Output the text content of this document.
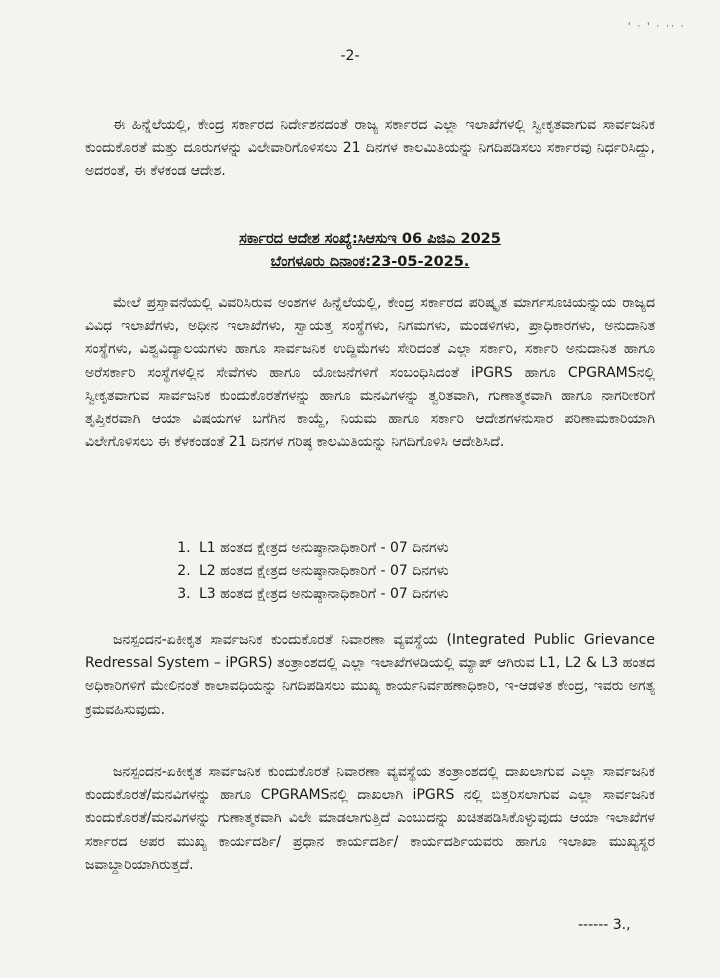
' · ' · ·· ·
-2-

ಈ ಹಿನ್ನೆಲೆಯಲ್ಲಿ, ಕೇಂದ್ರ ಸರ್ಕಾರದ ನಿರ್ದೇಶನದಂತೆ ರಾಜ್ಯ ಸರ್ಕಾರದ ಎಲ್ಲಾ ಇಲಾಖೆಗಳಲ್ಲಿ ಸ್ವೀಕೃತವಾಗುವ ಸಾರ್ವಜನಿಕ ಕುಂದುಕೊರತೆ ಮತ್ತು ದೂರುಗಳನ್ನು ವಿಲೇವಾರಿಗೊಳಿಸಲು 21 ದಿನಗಳ ಕಾಲಮಿತಿಯನ್ನು ನಿಗದಿಪಡಿಸಲು ಸರ್ಕಾರವು ನಿರ್ಧರಿಸಿದ್ದು, ಅದರಂತೆ, ಈ ಕೆಳಕಂಡ ಆದೇಶ.

ಸರ್ಕಾರದ ಆದೇಶ ಸಂಖ್ಯೆ:ಸಿಆಸುಇ 06 ಪಿಜಿಎ 2025
ಬೆಂಗಳೂರು ದಿನಾಂಕ:23-05-2025.

ಮೇಲೆ ಪ್ರಸ್ತಾವನೆಯಲ್ಲಿ ವಿವರಿಸಿರುವ ಅಂಶಗಳ ಹಿನ್ನೆಲೆಯಲ್ಲಿ, ಕೇಂದ್ರ ಸರ್ಕಾರದ ಪರಿಷ್ಕೃತ ಮಾರ್ಗಸೂಚಿಯನ್ನುಯ ರಾಜ್ಯದ ವಿವಿಧ ಇಲಾಖೆಗಳು, ಅಧೀನ ಇಲಾಖೆಗಳು, ಸ್ವಾಯತ್ತ ಸಂಸ್ಥೆಗಳು, ನಿಗಮಗಳು, ಮಂಡಳಿಗಳು, ಪ್ರಾಧಿಕಾರಗಳು, ಅನುದಾನಿತ ಸಂಸ್ಥೆಗಳು, ವಿಶ್ವವಿದ್ಯಾಲಯಗಳು ಹಾಗೂ ಸಾರ್ವಜನಿಕ ಉದ್ದಿಮೆಗಳು ಸೇರಿದಂತೆ ಎಲ್ಲಾ ಸರ್ಕಾರಿ, ಸರ್ಕಾರಿ ಅನುದಾನಿತ ಹಾಗೂ ಅರೆಸರ್ಕಾರಿ ಸಂಸ್ಥೆಗಳಲ್ಲಿನ ಸೇವೆಗಳು ಹಾಗೂ ಯೋಜನೆಗಳಿಗೆ ಸಂಬಂಧಿಸಿದಂತೆ iPGRS ಹಾಗೂ CPGRAMSನಲ್ಲಿ ಸ್ವೀಕೃತವಾಗುವ ಸಾರ್ವಜನಿಕ ಕುಂದುಕೊರತೆಗಳನ್ನು ಹಾಗೂ ಮನವಿಗಳನ್ನು ತ್ವರಿತವಾಗಿ, ಗುಣಾತ್ಮಕವಾಗಿ ಹಾಗೂ ನಾಗರೀಕರಿಗೆ ತೃಪ್ತಿಕರವಾಗಿ ಆಯಾ ವಿಷಯಗಳ ಬಗೆಗಿನ ಕಾಯ್ದೆ, ನಿಯಮ ಹಾಗೂ ಸರ್ಕಾರಿ ಆದೇಶಗಳನುಸಾರ ಪರಿಣಾಮಕಾರಿಯಾಗಿ ವಿಲೇಗೊಳಿಸಲು ಈ ಕೆಳಕಂಡಂತೆ 21 ದಿನಗಳ ಗರಿಷ್ಠ ಕಾಲಮಿತಿಯನ್ನು ನಿಗದಿಗೊಳಿಸಿ ಆದೇಶಿಸಿದೆ.

1. L1 ಹಂತದ ಕ್ಷೇತ್ರದ ಅನುಷ್ಠಾನಾಧಿಕಾರಿಗೆ - 07 ದಿನಗಳು
2. L2 ಹಂತದ ಕ್ಷೇತ್ರದ ಅನುಷ್ಠಾನಾಧಿಕಾರಿಗೆ - 07 ದಿನಗಳು
3. L3 ಹಂತದ ಕ್ಷೇತ್ರದ ಅನುಷ್ಠಾನಾಧಿಕಾರಿಗೆ - 07 ದಿನಗಳು

ಜನಸ್ಪಂದನ-ಏಕೀಕೃತ ಸಾರ್ವಜನಿಕ ಕುಂದುಕೊರತೆ ನಿವಾರಣಾ ವ್ಯವಸ್ಥೆಯ (Integrated Public Grievance Redressal System – iPGRS) ತಂತ್ರಾಂಶದಲ್ಲಿ ಎಲ್ಲಾ ಇಲಾಖೆಗಳಡಿಯಲ್ಲಿ ಮ್ಯಾಪ್ ಆಗಿರುವ L1, L2 & L3 ಹಂತದ ಅಧಿಕಾರಿಗಳಿಗೆ ಮೇಲಿನಂತೆ ಕಾಲಾವಧಿಯನ್ನು ನಿಗದಿಪಡಿಸಲು ಮುಖ್ಯ ಕಾರ್ಯನಿರ್ವಹಣಾಧಿಕಾರಿ, ಇ-ಆಡಳಿತ ಕೇಂದ್ರ, ಇವರು ಅಗತ್ಯ ಕ್ರಮವಹಿಸುವುದು.

ಜನಸ್ಪಂದನ-ಏಕೀಕೃತ ಸಾರ್ವಜನಿಕ ಕುಂದುಕೊರತೆ ನಿವಾರಣಾ ವ್ಯವಸ್ಥೆಯ ತಂತ್ರಾಂಶದಲ್ಲಿ ದಾಖಲಾಗುವ ಎಲ್ಲಾ ಸಾರ್ವಜನಿಕ ಕುಂದುಕೊರತೆ/ಮನವಿಗಳನ್ನು ಹಾಗೂ CPGRAMSನಲ್ಲಿ ದಾಖಲಾಗಿ iPGRS ನಲ್ಲಿ ಬಿತ್ತರಿಸಲಾಗುವ ಎಲ್ಲಾ ಸಾರ್ವಜನಿಕ ಕುಂದುಕೊರತೆ/ಮನವಿಗಳನ್ನು ಗುಣಾತ್ಮಕವಾಗಿ ವಿಲೇ ಮಾಡಲಾಗುತ್ತಿದೆ ಎಂಬುದನ್ನು ಖಚಿತಪಡಿಸಿಕೊಳ್ಳುವುದು ಆಯಾ ಇಲಾಖೆಗಳ ಸರ್ಕಾರದ ಅಪರ ಮುಖ್ಯ ಕಾರ್ಯದರ್ಶಿ/ ಪ್ರಧಾನ ಕಾರ್ಯದರ್ಶಿ/ ಕಾರ್ಯದರ್ಶಿಯವರು ಹಾಗೂ ಇಲಾಖಾ ಮುಖ್ಯಸ್ಥರ ಜವಾಬ್ದಾರಿಯಾಗಿರುತ್ತದೆ.

------ 3.,
